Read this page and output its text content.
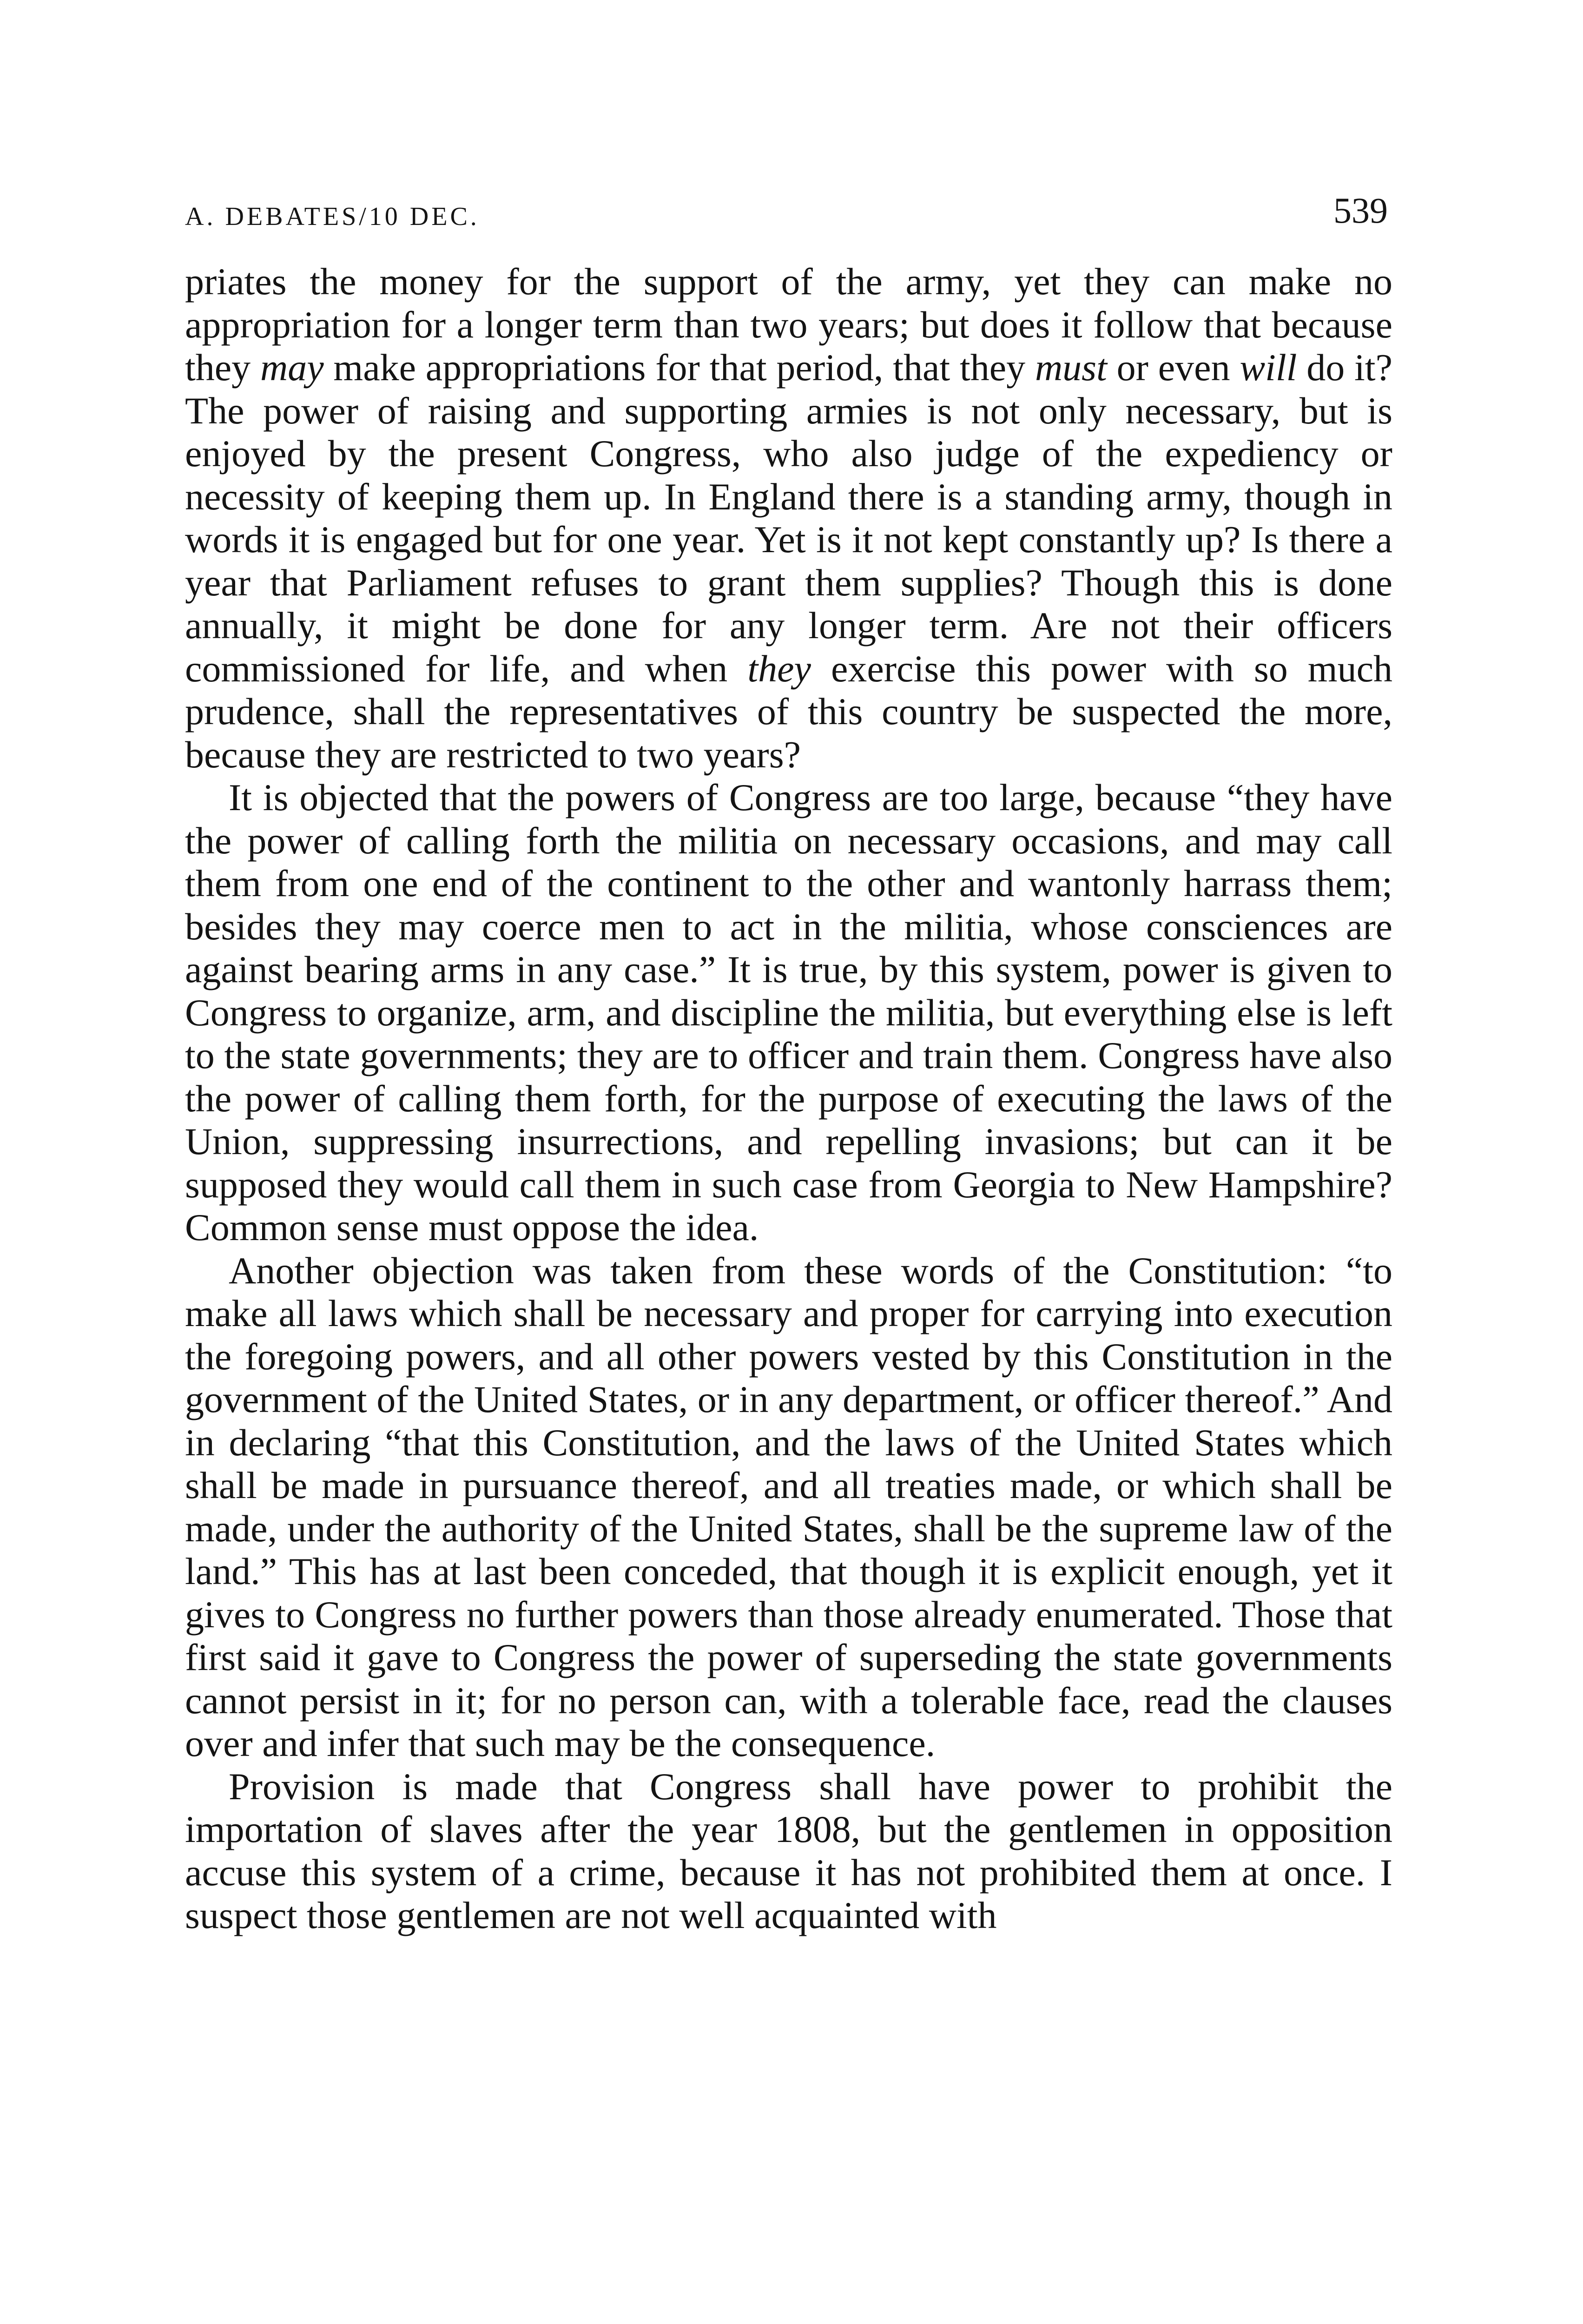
A. DEBATES/10 DEC.	539

priates the money for the support of the army, yet they can make no appropriation for a longer term than two years; but does it follow that because they may make appropriations for that period, that they must or even will do it? The power of raising and supporting armies is not only necessary, but is enjoyed by the present Congress, who also judge of the expediency or necessity of keeping them up. In England there is a standing army, though in words it is engaged but for one year. Yet is it not kept constantly up? Is there a year that Parliament refuses to grant them supplies? Though this is done annually, it might be done for any longer term. Are not their officers commissioned for life, and when they exercise this power with so much prudence, shall the representatives of this country be suspected the more, because they are restricted to two years?

It is objected that the powers of Congress are too large, because “they have the power of calling forth the militia on necessary occasions, and may call them from one end of the continent to the other and wantonly harrass them; besides they may coerce men to act in the militia, whose consciences are against bearing arms in any case.” It is true, by this system, power is given to Congress to organize, arm, and discipline the militia, but everything else is left to the state governments; they are to officer and train them. Congress have also the power of calling them forth, for the purpose of executing the laws of the Union, suppressing insurrections, and repelling invasions; but can it be supposed they would call them in such case from Georgia to New Hampshire? Common sense must oppose the idea.

Another objection was taken from these words of the Constitution: “to make all laws which shall be necessary and proper for carrying into execution the foregoing powers, and all other powers vested by this Constitution in the government of the United States, or in any department, or officer thereof.” And in declaring “that this Constitution, and the laws of the United States which shall be made in pursuance thereof, and all treaties made, or which shall be made, under the authority of the United States, shall be the supreme law of the land.” This has at last been conceded, that though it is explicit enough, yet it gives to Congress no further powers than those already enumerated. Those that first said it gave to Congress the power of superseding the state governments cannot persist in it; for no person can, with a tolerable face, read the clauses over and infer that such may be the consequence.

Provision is made that Congress shall have power to prohibit the importation of slaves after the year 1808, but the gentlemen in opposition accuse this system of a crime, because it has not prohibited them at once. I suspect those gentlemen are not well acquainted with
